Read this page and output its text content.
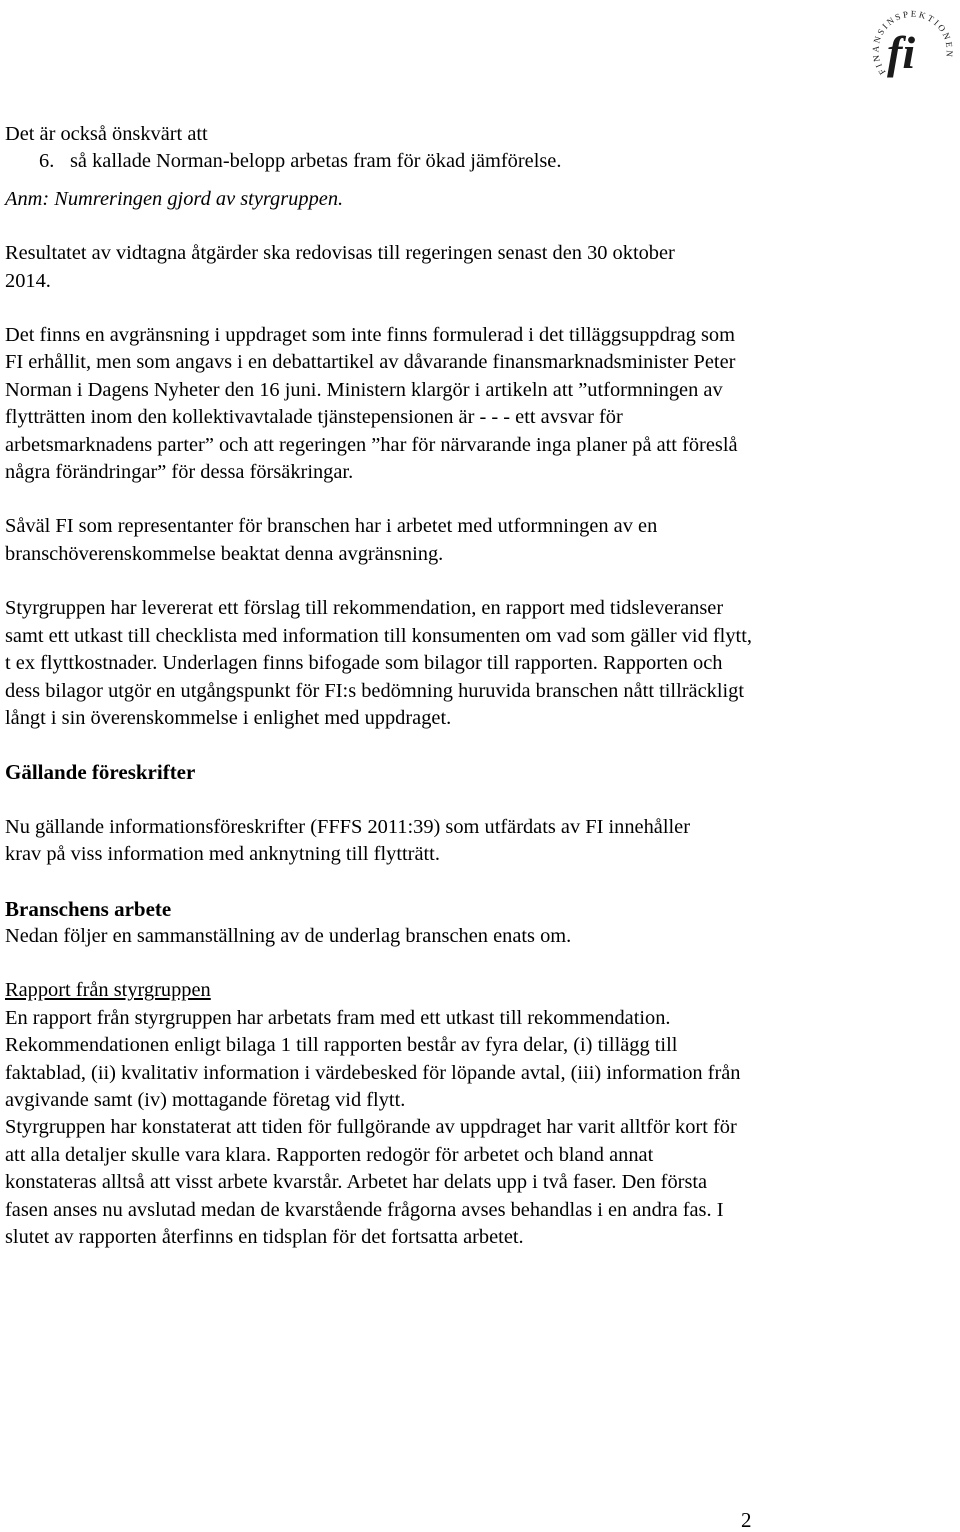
FINANSINSPEKTIONEN
fi

Det är också önskvärt att

6. så kallade Norman-belopp arbetas fram för ökad jämförelse.

Anm: Numreringen gjord av styrgruppen.

Resultatet av vidtagna åtgärder ska redovisas till regeringen senast den 30 oktober 2014.

Det finns en avgränsning i uppdraget som inte finns formulerad i det tilläggsuppdrag som FI erhållit, men som angavs i en debattartikel av dåvarande finansmarknadsminister Peter Norman i Dagens Nyheter den 16 juni. Ministern klargör i artikeln att ”utformningen av flytträtten inom den kollektivavtalade tjänstepensionen är - - - ett avsvar för arbetsmarknadens parter” och att regeringen ”har för närvarande inga planer på att föreslå några förändringar” för dessa försäkringar.

Såväl FI som representanter för branschen har i arbetet med utformningen av en branschöverenskommelse beaktat denna avgränsning.

Styrgruppen har levererat ett förslag till rekommendation, en rapport med tidsleveranser samt ett utkast till checklista med information till konsumenten om vad som gäller vid flytt, t ex flyttkostnader. Underlagen finns bifogade som bilagor till rapporten. Rapporten och dess bilagor utgör en utgångspunkt för FI:s bedömning huruvida branschen nått tillräckligt långt i sin överenskommelse i enlighet med uppdraget.

Gällande föreskrifter

Nu gällande informationsföreskrifter (FFFS 2011:39) som utfärdats av FI innehåller krav på viss information med anknytning till flytträtt.

Branschens arbete

Nedan följer en sammanställning av de underlag branschen enats om.

Rapport från styrgruppen

En rapport från styrgruppen har arbetats fram med ett utkast till rekommendation. Rekommendationen enligt bilaga 1 till rapporten består av fyra delar, (i) tillägg till faktablad, (ii) kvalitativ information i värdebesked för löpande avtal, (iii) information från avgivande samt (iv) mottagande företag vid flytt.

Styrgruppen har konstaterat att tiden för fullgörande av uppdraget har varit alltför kort för att alla detaljer skulle vara klara. Rapporten redogör för arbetet och bland annat konstateras alltså att visst arbete kvarstår. Arbetet har delats upp i två faser. Den första fasen anses nu avslutad medan de kvarstående frågorna avses behandlas i en andra fas. I slutet av rapporten återfinns en tidsplan för det fortsatta arbetet.

2
